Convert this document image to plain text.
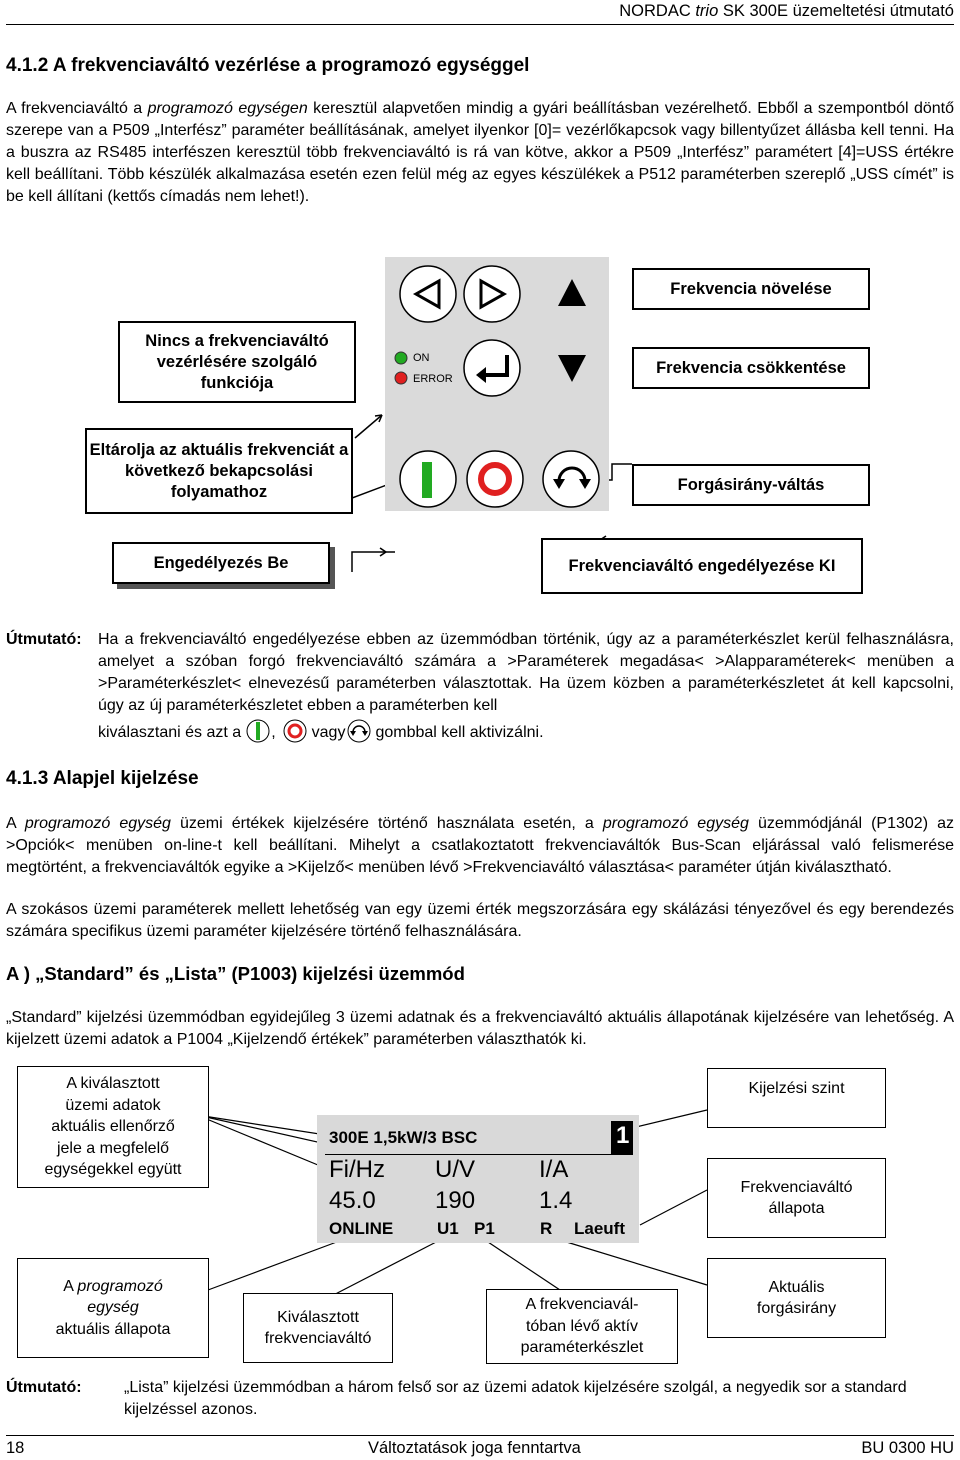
NORDAC trio SK 300E üzemeltetési útmutató
4.1.2 A frekvenciaváltó vezérlése a programozó egységgel

A frekvenciaváltó a programozó egységen keresztül alapvetően mindig a gyári beállításban vezérelhető. Ebből a szempontból döntő szerepe van a P509 „Interfész” paraméter beállításának, amelyet ilyenkor [0]= vezérlőkapcsok vagy billentyűzet állásba kell tenni. Ha a buszra az RS485 interfészen keresztül több frekvenciaváltó is rá van kötve, akkor a P509 „Interfész” paramétert [4]=USS értékre kell beállítani. Több készülék alkalmazása esetén ezen felül még az egyes készülékek a P512 paraméterben szereplő „USS címét” is be kell állítani (kettős címadás nem lehet!).

ON
ERROR
Frekvencia növelése
Nincs a frekvenciaváltó vezérlésére szolgáló funkciója
Frekvencia csökkentése
Eltárolja az aktuális frekvenciát a következő bekapcsolási folyamathoz	Forgásirány-váltás
Engedélyezés Be	Frekvenciaváltó engedélyezése KI
Útmutató: Ha a frekvenciaváltó engedélyezése ebben az üzemmódban történik, úgy az a paraméterkészlet kerül felhasználásra, amelyet a szóban forgó frekvenciaváltó számára a >Paraméterek megadása< >Alapparaméterek< menüben a >Paraméterkészlet< elnevezésű paraméterben választottak. Ha üzem közben a paraméterkészletet át kell kapcsolni, úgy az új paraméterkészletet ebben a paraméterben kell

kiválasztani és azt a , vagy gombbal kell aktivizálni.
4.1.3 Alapjel kijelzése

A programozó egység üzemi értékek kijelzésére történő használata esetén, a programozó egység üzemmódjánál (P1302) az >Opciók< menüben on-line-t kell beállítani. Mihelyt a csatlakoztatott frekvenciaváltók Bus-Scan eljárással való felismerése megtörtént, a frekvenciaváltók egyike a >Kijelző< menüben lévő >Frekvenciaváltó választása< paraméter útján kiválasztható.

A szokásos üzemi paraméterek mellett lehetőség van egy üzemi érték megszorzására egy skálázási tényezővel és egy berendezés számára specifikus üzemi paraméter kijelzésére történő felhasználására.

A ) „Standard” és „Lista” (P1003) kijelzési üzemmód

„Standard” kijelzési üzemmódban egyidejűleg 3 üzemi adatnak és a frekvenciaváltó aktuális állapotának kijelzésére van lehetőség. A kijelzett üzemi adatok a P1004 „Kijelzendő értékek” paraméterben választhatók ki.

300E 1,5kW/3 BSC	1
Fi/Hz U/V	I/A
45.0 190	1.4
ONLINE	U1 P1	R Laeuft
A kiválasztott
üzemi adatok
aktuális ellenőrző
jele a megfelelő
egységekkel együtt
Kijelzési szint
Frekvenciaváltó
állapota
A programozó
egység
aktuális állapota
Kiválasztott
frekvenciaváltó
A frekvenciavál-
tóban lévő aktív
paraméterkészlet
Aktuális
forgásirány
Útmutató:	„Lista” kijelzési üzemmódban a három felső sor az üzemi adatok kijelzésére szolgál, a negyedik sor a standard kijelzéssel azonos.

18	Változtatások joga fenntartva	BU 0300 HU
